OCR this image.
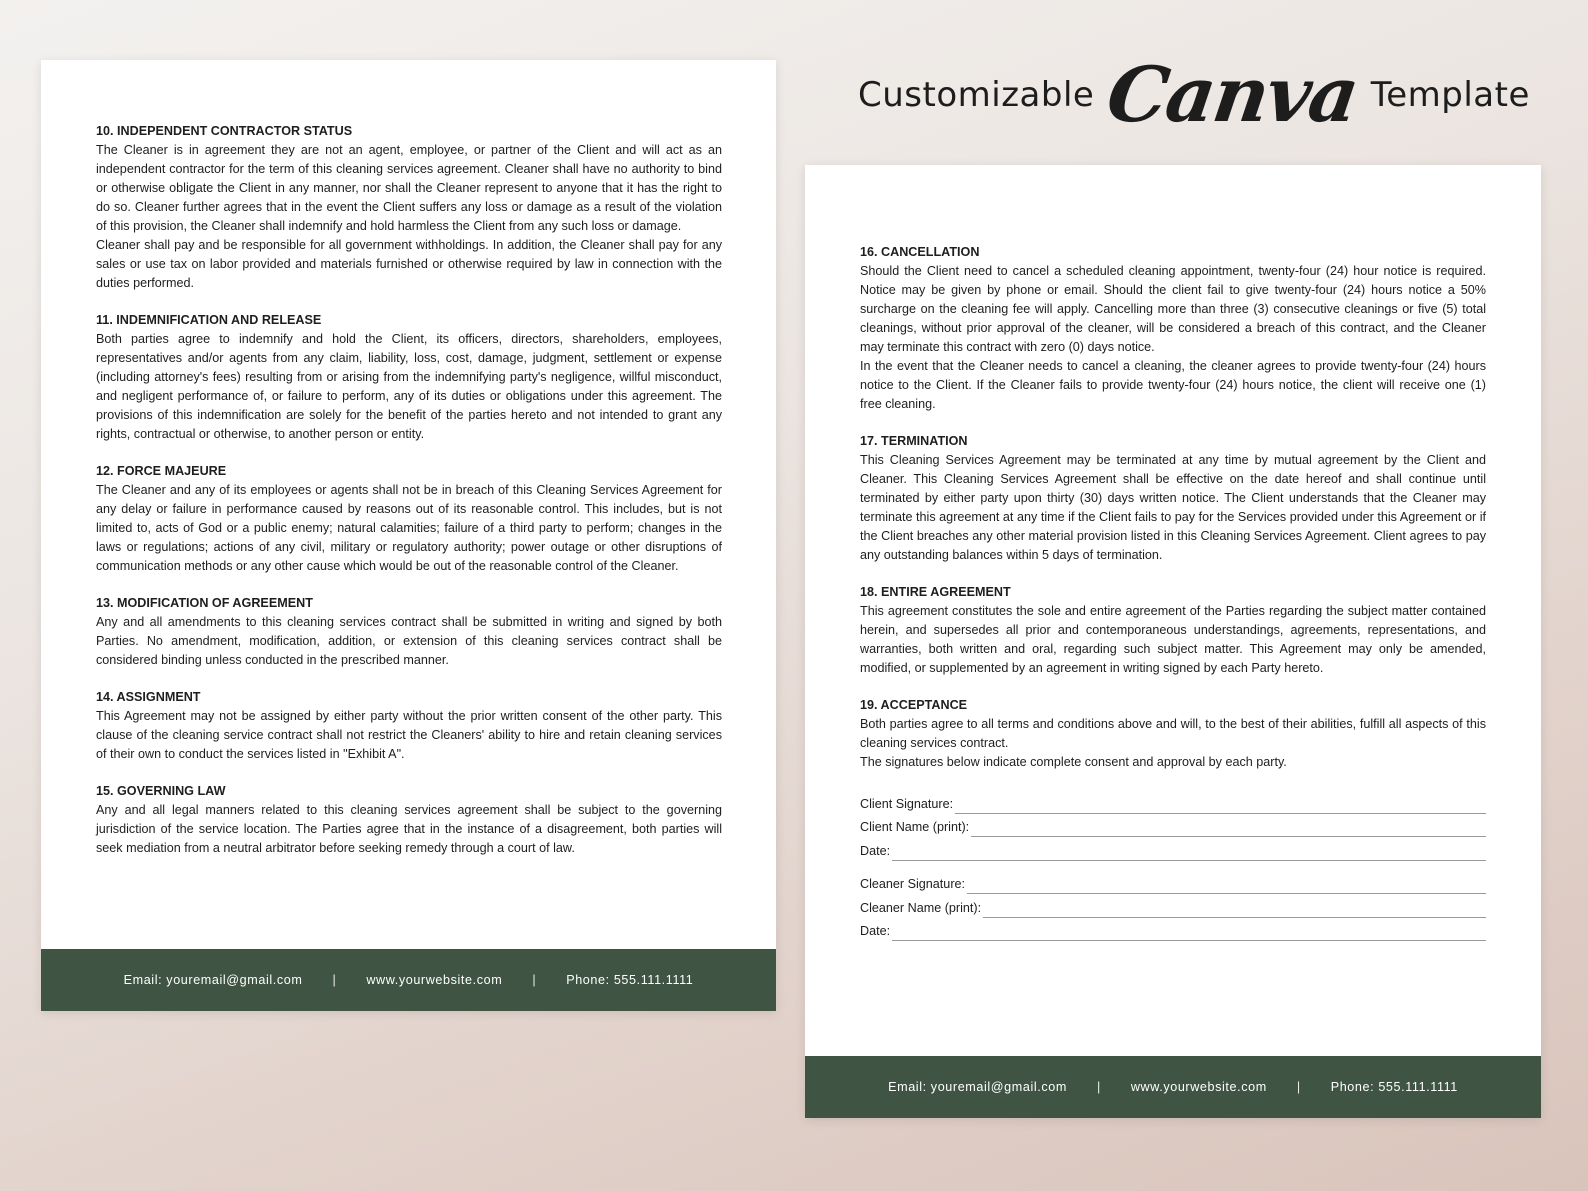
Customizable Canva Template
10. INDEPENDENT CONTRACTOR STATUS

The Cleaner is in agreement they are not an agent, employee, or partner of the Client and will act as an independent contractor for the term of this cleaning services agreement. Cleaner shall have no authority to bind or otherwise obligate the Client in any manner, nor shall the Cleaner represent to anyone that it has the right to do so. Cleaner further agrees that in the event the Client suffers any loss or damage as a result of the violation of this provision, the Cleaner shall indemnify and hold harmless the Client from any such loss or damage.

Cleaner shall pay and be responsible for all government withholdings. In addition, the Cleaner shall pay for any sales or use tax on labor provided and materials furnished or otherwise required by law in connection with the duties performed.

11. INDEMNIFICATION AND RELEASE

Both parties agree to indemnify and hold the Client, its officers, directors, shareholders, employees, representatives and/or agents from any claim, liability, loss, cost, damage, judgment, settlement or expense (including attorney's fees) resulting from or arising from the indemnifying party's negligence, willful misconduct, and negligent performance of, or failure to perform, any of its duties or obligations under this agreement. The provisions of this indemnification are solely for the benefit of the parties hereto and not intended to grant any rights, contractual or otherwise, to another person or entity.

12. FORCE MAJEURE

The Cleaner and any of its employees or agents shall not be in breach of this Cleaning Services Agreement for any delay or failure in performance caused by reasons out of its reasonable control. This includes, but is not limited to, acts of God or a public enemy; natural calamities; failure of a third party to perform; changes in the laws or regulations; actions of any civil, military or regulatory authority; power outage or other disruptions of communication methods or any other cause which would be out of the reasonable control of the Cleaner.

13. MODIFICATION OF AGREEMENT

Any and all amendments to this cleaning services contract shall be submitted in writing and signed by both Parties. No amendment, modification, addition, or extension of this cleaning services contract shall be considered binding unless conducted in the prescribed manner.

14. ASSIGNMENT

This Agreement may not be assigned by either party without the prior written consent of the other party. This clause of the cleaning service contract shall not restrict the Cleaners' ability to hire and retain cleaning services of their own to conduct the services listed in "Exhibit A".

15. GOVERNING LAW

Any and all legal manners related to this cleaning services agreement shall be subject to the governing jurisdiction of the service location. The Parties agree that in the instance of a disagreement, both parties will seek mediation from a neutral arbitrator before seeking remedy through a court of law.

Email: youremail@gmail.com | www.yourwebsite.com | Phone: 555.111.1111
16. CANCELLATION

Should the Client need to cancel a scheduled cleaning appointment, twenty-four (24) hour notice is required. Notice may be given by phone or email. Should the client fail to give twenty-four (24) hours notice a 50% surcharge on the cleaning fee will apply. Cancelling more than three (3) consecutive cleanings or five (5) total cleanings, without prior approval of the cleaner, will be considered a breach of this contract, and the Cleaner may terminate this contract with zero (0) days notice.

In the event that the Cleaner needs to cancel a cleaning, the cleaner agrees to provide twenty-four (24) hours notice to the Client. If the Cleaner fails to provide twenty-four (24) hours notice, the client will receive one (1) free cleaning.

17. TERMINATION

This Cleaning Services Agreement may be terminated at any time by mutual agreement by the Client and Cleaner. This Cleaning Services Agreement shall be effective on the date hereof and shall continue until terminated by either party upon thirty (30) days written notice. The Client understands that the Cleaner may terminate this agreement at any time if the Client fails to pay for the Services provided under this Agreement or if the Client breaches any other material provision listed in this Cleaning Services Agreement. Client agrees to pay any outstanding balances within 5 days of termination.

18. ENTIRE AGREEMENT

This agreement constitutes the sole and entire agreement of the Parties regarding the subject matter contained herein, and supersedes all prior and contemporaneous understandings, agreements, representations, and warranties, both written and oral, regarding such subject matter. This Agreement may only be amended, modified, or supplemented by an agreement in writing signed by each Party hereto.

19. ACCEPTANCE

Both parties agree to all terms and conditions above and will, to the best of their abilities, fulfill all aspects of this cleaning services contract.

The signatures below indicate complete consent and approval by each party.

Client Signature:
Client Name (print):
Date:
Cleaner Signature:
Cleaner Name (print):
Date:
Email: youremail@gmail.com | www.yourwebsite.com | Phone: 555.111.1111
